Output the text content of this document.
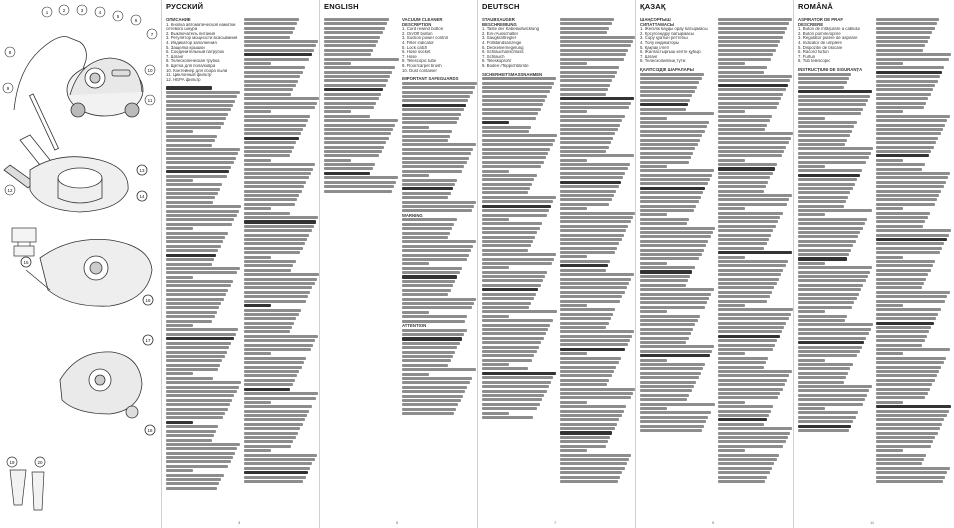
1	2	3	4
5
6
7
8
9
10
11
12
13
14
15
16
17
18
19	20
РУССКИЙ
ОПИСАНИЕ
1. Кнопка автоматической намотки сетевого шнура
2. Выключатель питания
3. Регулятор мощности всасывания
4. Индикатор заполнения
5. Защелка крышки
6. Соединительный патрубок
7. Шланг
8. Телескопическая трубка
9. Щетка для пола/ковра
10. Контейнер для сбора пыли
11. Циклонный фильтр
12. НЕРА фильтр
3
ENGLISH
VACUUM CLEANER
DESCRIPTION
1. Cord rewind button
2. On/Off button
3. Suction power control
4. Filter indicator
5. Lock catch
6. Hose socket
7. Hose
8. Telescopic tube
9. Floor/carpet brush
10. Dust container
IMPORTANT SAFEGUARDS
WARNING
ATTENTION
5
DEUTSCH
STAUBSAUGER
BESCHREIBUNG
1. Taste der Kabelaufwicklung
2. Ein-/Ausschalter
3. Saugkraftregler
4. Füllstandsanzeige
5. Deckelverriegelung
6. Schlauchanschluss
7. Schlauch
8. Teleskoprohr
9. Boden-/Teppichbürste
SICHERHEITSMASSNAHMEN
7
ҚАЗАҚ
ШАҢСОРҒЫШ
СИПАТТАМАСЫ
1. Желілік бауды орау батырмасы
2. Қосу/сөндіру батырмасы
3. Сору қуатын реттегіш
4. Толу индикаторы
5. Қақпақ ілгегі
6. Жалғастырғыш келте құбыр
7. Шланг
8. Телескопиялық түтік
ҚАУІПСІЗДІК ШАРАЛАРЫ
9
ROMÂNĂ
ASPIRATOR DE PRAF
DESCRIERE
1. Buton de înfășurare a cablului
2. Buton pornire/oprire
3. Regulator putere de aspirare
4. Indicator de umplere
5. Dispozitiv de blocare
6. Racord furtun
7. Furtun
8. Tub telescopic
INSTRUCȚIUNI DE SIGURANȚĂ
11
